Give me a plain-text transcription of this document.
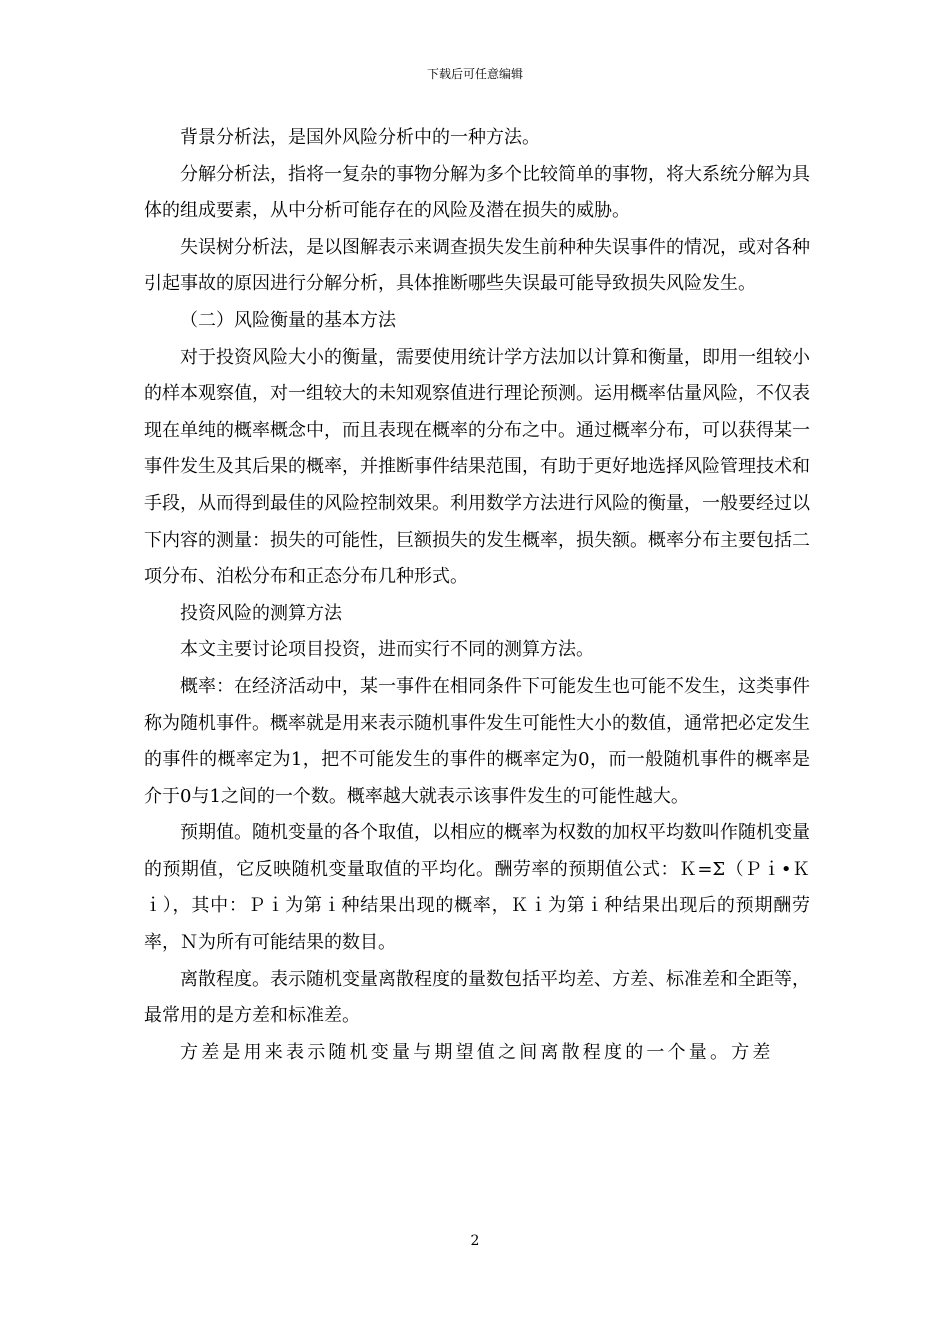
下载后可任意编辑

背景分析法，是国外风险分析中的一种方法。

分解分析法，指将一复杂的事物分解为多个比较简单的事物，将大系统分解为具体的组成要素，从中分析可能存在的风险及潜在损失的威胁。

失误树分析法，是以图解表示来调查损失发生前种种失误事件的情况，或对各种引起事故的原因进行分解分析，具体推断哪些失误最可能导致损失风险发生。

（二）风险衡量的基本方法

对于投资风险大小的衡量，需要使用统计学方法加以计算和衡量，即用一组较小的样本观察值，对一组较大的未知观察值进行理论预测。运用概率估量风险，不仅表现在单纯的概率概念中，而且表现在概率的分布之中。通过概率分布，可以获得某一事件发生及其后果的概率，并推断事件结果范围，有助于更好地选择风险管理技术和手段，从而得到最佳的风险控制效果。利用数学方法进行风险的衡量，一般要经过以下内容的测量：损失的可能性，巨额损失的发生概率，损失额。概率分布主要包括二项分布、泊松分布和正态分布几种形式。

投资风险的测算方法

本文主要讨论项目投资，进而实行不同的测算方法。

概率：在经济活动中，某一事件在相同条件下可能发生也可能不发生，这类事件称为随机事件。概率就是用来表示随机事件发生可能性大小的数值，通常把必定发生的事件的概率定为1，把不可能发生的事件的概率定为0，而一般随机事件的概率是介于0与1之间的一个数。概率越大就表示该事件发生的可能性越大。

预期值。随机变量的各个取值，以相应的概率为权数的加权平均数叫作随机变量的预期值，它反映随机变量取值的平均化。酬劳率的预期值公式：Ｋ=Σ（Ｐｉ•Ｋｉ），其中：Ｐｉ为第ｉ种结果出现的概率，Ｋｉ为第ｉ种结果出现后的预期酬劳率，Ｎ为所有可能结果的数目。

离散程度。表示随机变量离散程度的量数包括平均差、方差、标准差和全距等，最常用的是方差和标准差。

方差是用来表示随机变量与期望值之间离散程度的一个量。方差

2
